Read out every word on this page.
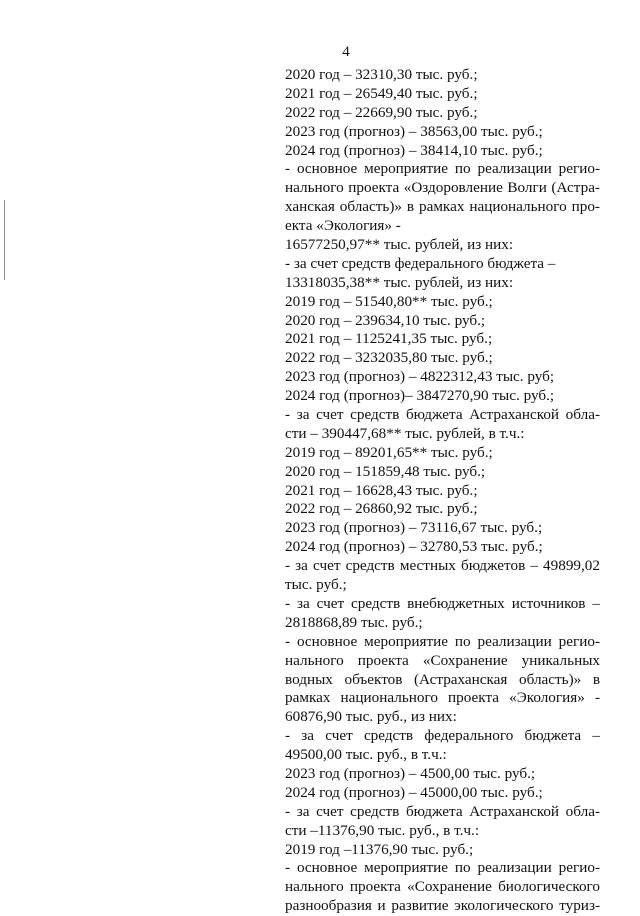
4
2020 год – 32310,30 тыс. руб.;
2021 год – 26549,40 тыс. руб.;
2022 год – 22669,90 тыс. руб.;
2023 год (прогноз) – 38563,00 тыс. руб.;
2024 год (прогноз) – 38414,10 тыс. руб.;
- основное мероприятие по реализации регио-
нального проекта «Оздоровление Волги (Астра-
ханская область)» в рамках национального про-
екта «Экология» -
16577250,97** тыс. рублей, из них:
- за счет средств федерального бюджета –
13318035,38** тыс. рублей, из них:
2019 год – 51540,80** тыс. руб.;
2020 год – 239634,10 тыс. руб.;
2021 год – 1125241,35 тыс. руб.;
2022 год – 3232035,80 тыс. руб.;
2023 год (прогноз) – 4822312,43 тыс. руб;
2024 год (прогноз)– 3847270,90 тыс. руб.;
- за счет средств бюджета Астраханской обла-
сти – 390447,68** тыс. рублей, в т.ч.:
2019 год – 89201,65** тыс. руб.;
2020 год – 151859,48 тыс. руб.;
2021 год – 16628,43 тыс. руб.;
2022 год – 26860,92 тыс. руб.;
2023 год (прогноз) – 73116,67 тыс. руб.;
2024 год (прогноз) – 32780,53 тыс. руб.;
- за счет средств местных бюджетов – 49899,02
тыс. руб.;
- за счет средств внебюджетных источников –
2818868,89 тыс. руб.;
- основное мероприятие по реализации регио-
нального проекта «Сохранение уникальных
водных объектов (Астраханская область)» в
рамках национального проекта «Экология» -
60876,90 тыс. руб., из них:
- за счет средств федерального бюджета –
49500,00 тыс. руб., в т.ч.:
2023 год (прогноз) – 4500,00 тыс. руб.;
2024 год (прогноз) – 45000,00 тыс. руб.;
- за счет средств бюджета Астраханской обла-
сти –11376,90 тыс. руб., в т.ч.:
2019 год –11376,90 тыс. руб.;
- основное мероприятие по реализации регио-
нального проекта «Сохранение биологического
разнообразия и развитие экологического туриз-
